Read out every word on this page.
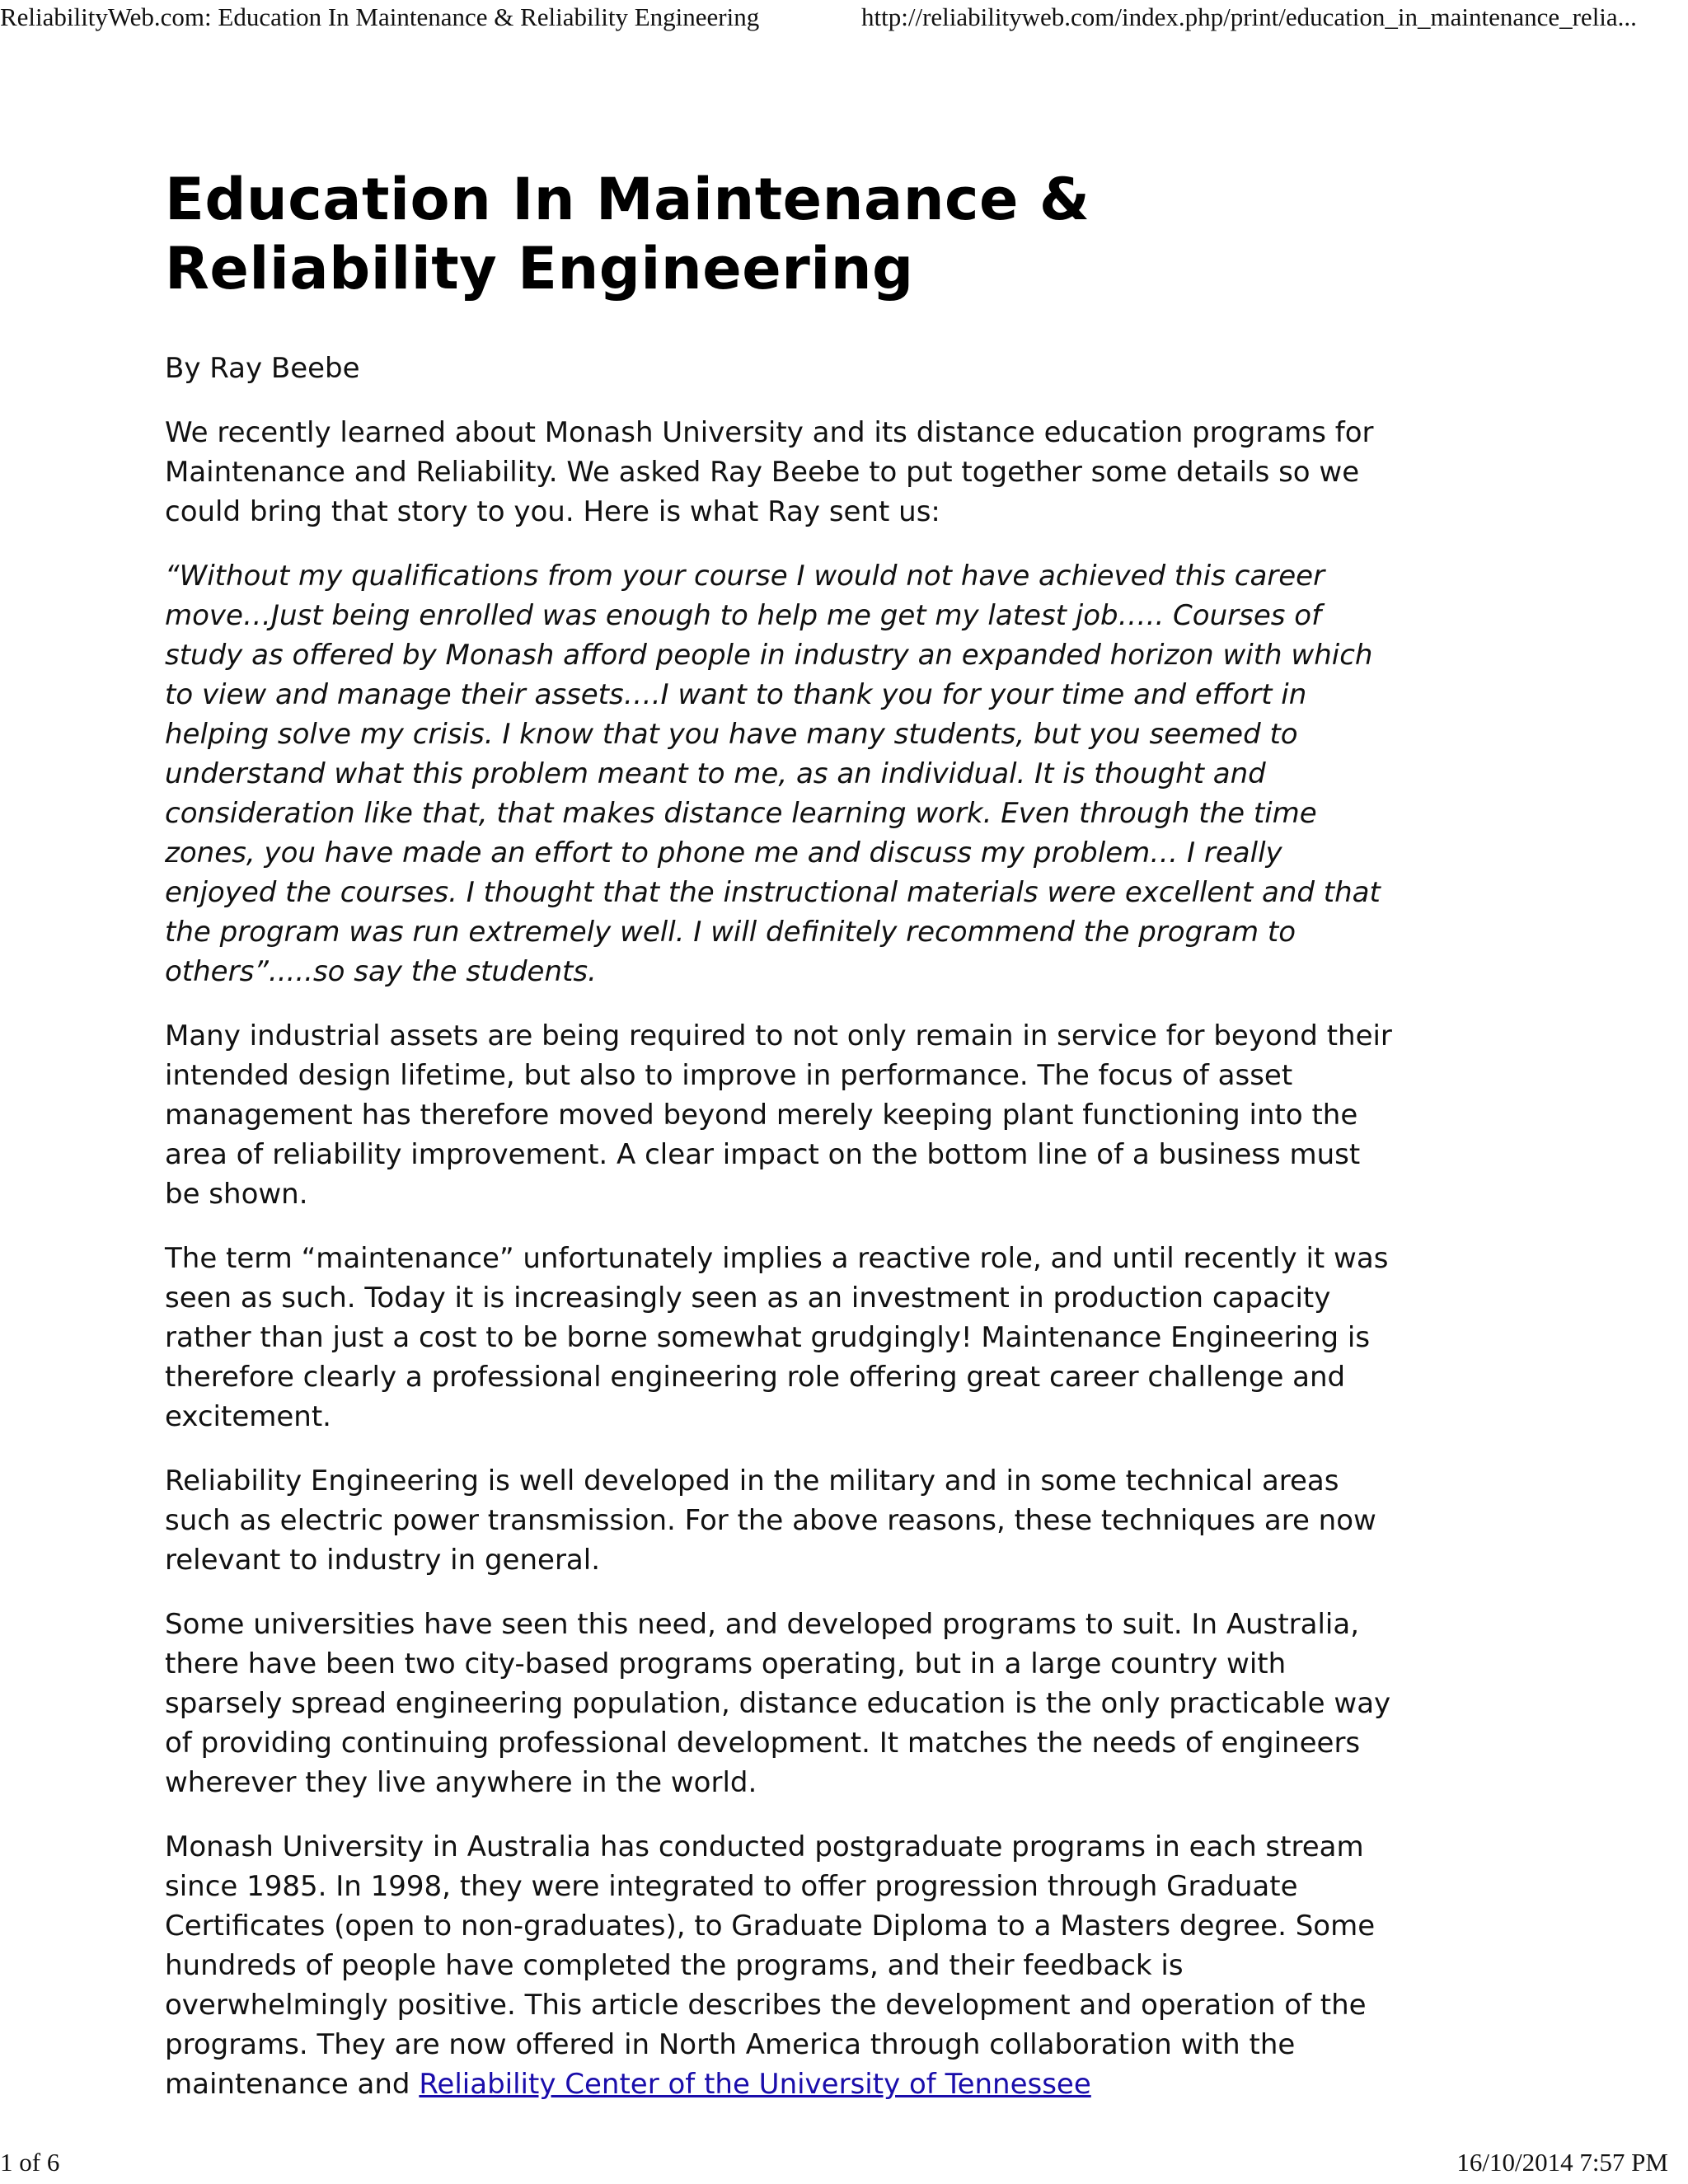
ReliabilityWeb.com: Education In Maintenance & Reliability Engineering	http://reliabilityweb.com/index.php/print/education_in_maintenance_relia...
Education In Maintenance &
Reliability Engineering
By Ray Beebe

We recently learned about Monash University and its distance education programs for Maintenance and Reliability. We asked Ray Beebe to put together some details so we could bring that story to you. Here is what Ray sent us:

“Without my qualifications from your course I would not have achieved this career move…Just being enrolled was enough to help me get my latest job….. Courses of study as offered by Monash afford people in industry an expanded horizon with which to view and manage their assets….I want to thank you for your time and effort in helping solve my crisis. I know that you have many students, but you seemed to understand what this problem meant to me, as an individual. It is thought and consideration like that, that makes distance learning work. Even through the time zones, you have made an effort to phone me and discuss my problem… I really enjoyed the courses. I thought that the instructional materials were excellent and that the program was run extremely well. I will definitely recommend the program to others”.....so say the students.

Many industrial assets are being required to not only remain in service for beyond their intended design lifetime, but also to improve in performance. The focus of asset management has therefore moved beyond merely keeping plant functioning into the area of reliability improvement. A clear impact on the bottom line of a business must be shown.

The term “maintenance” unfortunately implies a reactive role, and until recently it was seen as such. Today it is increasingly seen as an investment in production capacity rather than just a cost to be borne somewhat grudgingly! Maintenance Engineering is therefore clearly a professional engineering role offering great career challenge and excitement.

Reliability Engineering is well developed in the military and in some technical areas such as electric power transmission. For the above reasons, these techniques are now relevant to industry in general.

Some universities have seen this need, and developed programs to suit. In Australia, there have been two city-based programs operating, but in a large country with sparsely spread engineering population, distance education is the only practicable way of providing continuing professional development. It matches the needs of engineers wherever they live anywhere in the world.

Monash University in Australia has conducted postgraduate programs in each stream since 1985. In 1998, they were integrated to offer progression through Graduate Certificates (open to non-graduates), to Graduate Diploma to a Masters degree. Some hundreds of people have completed the programs, and their feedback is overwhelmingly positive. This article describes the development and operation of the programs. They are now offered in North America through collaboration with the maintenance and Reliability Center of the University of Tennessee

1 of 6	16/10/2014 7:57 PM
